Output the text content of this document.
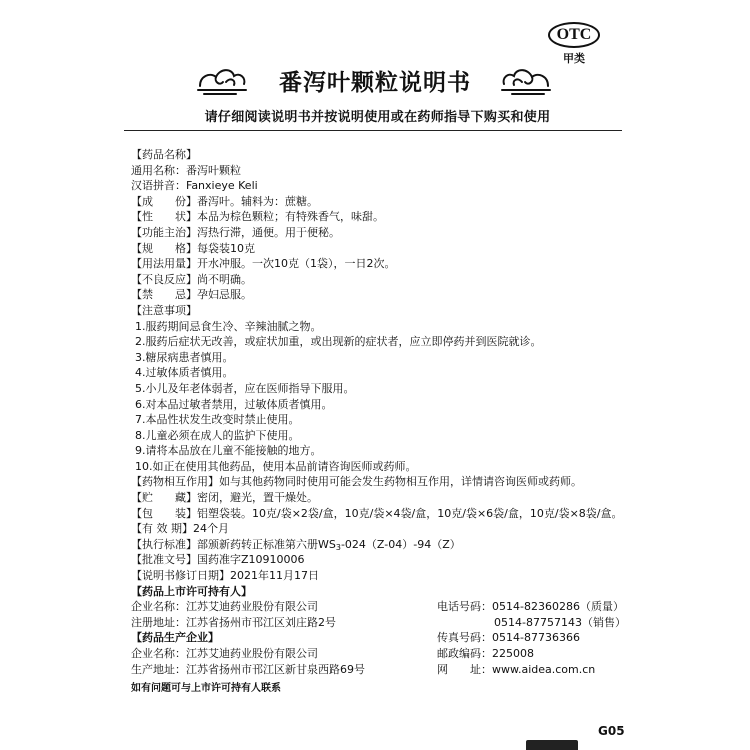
OTC
甲类
番泻叶颗粒说明书
请仔细阅读说明书并按说明使用或在药师指导下购买和使用
【药品名称】
通用名称：番泻叶颗粒
汉语拼音：Fanxieye Keli
【成　　份】番泻叶。辅料为：蔗糖。
【性　　状】本品为棕色颗粒；有特殊香气，味甜。
【功能主治】泻热行滞，通便。用于便秘。
【规　　格】每袋装10克
【用法用量】开水冲服。一次10克（1袋），一日2次。
【不良反应】尚不明确。
【禁　　忌】孕妇忌服。
【注意事项】
1.服药期间忌食生冷、辛辣油腻之物。
2.服药后症状无改善，或症状加重，或出现新的症状者，应立即停药并到医院就诊。
3.糖尿病患者慎用。
4.过敏体质者慎用。
5.小儿及年老体弱者，应在医师指导下服用。
6.对本品过敏者禁用，过敏体质者慎用。
7.本品性状发生改变时禁止使用。
8.儿童必须在成人的监护下使用。
9.请将本品放在儿童不能接触的地方。
10.如正在使用其他药品，使用本品前请咨询医师或药师。
【药物相互作用】如与其他药物同时使用可能会发生药物相互作用，详情请咨询医师或药师。
【贮　　藏】密闭，避光，置干燥处。
【包　　装】铝塑袋装。10克/袋×2袋/盒，10克/袋×4袋/盒，10克/袋×6袋/盒，10克/袋×8袋/盒。
【有 效 期】24个月
【执行标准】部颁新药转正标准第六册$WS_3-024(Z-04)-94(Z)$
【批准文号】国药准字Z10910006
【说明书修订日期】2021年11月17日
【药品上市许可持有人】
企业名称：江苏艾迪药业股份有限公司	电话号码：0514-82360286（质量）
注册地址：江苏省扬州市邗江区刘庄路2号	0514-87757143（销售）
【药品生产企业】	传真号码：0514-87736366
企业名称：江苏艾迪药业股份有限公司	邮政编码：225008
生产地址：江苏省扬州市邗江区新甘泉西路69号	网　　址：www.aidea.com.cn
如有问题可与上市许可持有人联系
G05
